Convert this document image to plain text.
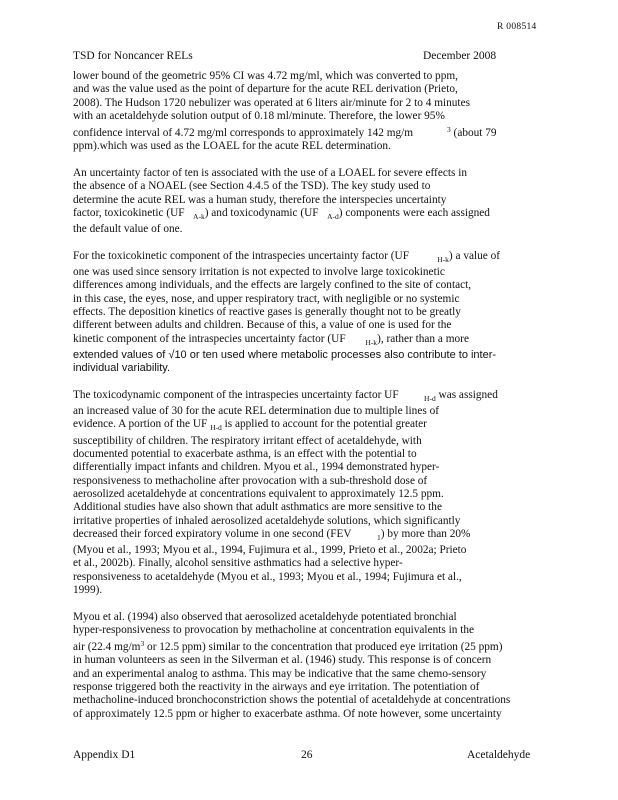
R 008514
TSD for Noncancer RELs	December 2008

lower bound of the geometric 95% CI was 4.72 mg/ml, which was converted to ppm,
and was the value used as the point of departure for the acute REL derivation (Prieto,
2008). The Hudson 1720 nebulizer was operated at 6 liters air/minute for 2 to 4 minutes
with an acetaldehyde solution output of 0.18 ml/minute. Therefore, the lower 95%
confidence interval of 4.72 mg/ml corresponds to approximately 142 mg/m	$^3$ (about 79
ppm).which was used as the LOAEL for the acute REL determination.

An uncertainty factor of ten is associated with the use of a LOAEL for severe effects in
the absence of a NOAEL (see Section 4.4.5 of the TSD). The key study used to
determine the acute REL was a human study, therefore the interspecies uncertainty
factor, toxicokinetic (UF $_{A-k}$) and toxicodynamic (UF $_{A-d}$) components were each assigned
the default value of one.

For the toxicokinetic component of the intraspecies uncertainty factor (UF	$_{H-k}$) a value of
one was used since sensory irritation is not expected to involve large toxicokinetic
differences among individuals, and the effects are largely confined to the site of contact,
in this case, the eyes, nose, and upper respiratory tract, with negligible or no systemic
effects. The deposition kinetics of reactive gases is generally thought not to be greatly
different between adults and children. Because of this, a value of one is used for the
kinetic component of the intraspecies uncertainty factor (UF	$_{H-k}$), rather than a more
extended values of √10 or ten used where metabolic processes also contribute to inter-
individual variability.

The toxicodynamic component of the intraspecies uncertainty factor UF	$_{H-d}$ was assigned
an increased value of 30 for the acute REL determination due to multiple lines of
evidence. A portion of the UF $_{H-d}$ is applied to account for the potential greater
susceptibility of children. The respiratory irritant effect of acetaldehyde, with
documented potential to exacerbate asthma, is an effect with the potential to
differentially impact infants and children. Myou et al., 1994 demonstrated hyper-
responsiveness to methacholine after provocation with a sub-threshold dose of
aerosolized acetaldehyde at concentrations equivalent to approximately 12.5 ppm.
Additional studies have also shown that adult asthmatics are more sensitive to the
irritative properties of inhaled aerosolized acetaldehyde solutions, which significantly
decreased their forced expiratory volume in one second (FEV	$_1$) by more than 20%
(Myou et al., 1993; Myou et al., 1994, Fujimura et al., 1999, Prieto et al., 2002a; Prieto
et al., 2002b). Finally, alcohol sensitive asthmatics had a selective hyper-
responsiveness to acetaldehyde (Myou et al., 1993; Myou et al., 1994; Fujimura et al.,
1999).

Myou et al. (1994) also observed that aerosolized acetaldehyde potentiated bronchial
hyper-responsiveness to provocation by methacholine at concentration equivalents in the
air (22.4 $mg/m^3$ or 12.5 ppm) similar to the concentration that produced eye irritation (25 ppm)
in human volunteers as seen in the Silverman et al. (1946) study. This response is of concern
and an experimental analog to asthma. This may be indicative that the same chemo-sensory
response triggered both the reactivity in the airways and eye irritation. The potentiation of
methacholine-induced bronchoconstriction shows the potential of acetaldehyde at concentrations
of approximately 12.5 ppm or higher to exacerbate asthma. Of note however, some uncertainty

Appendix D1	26	Acetaldehyde
